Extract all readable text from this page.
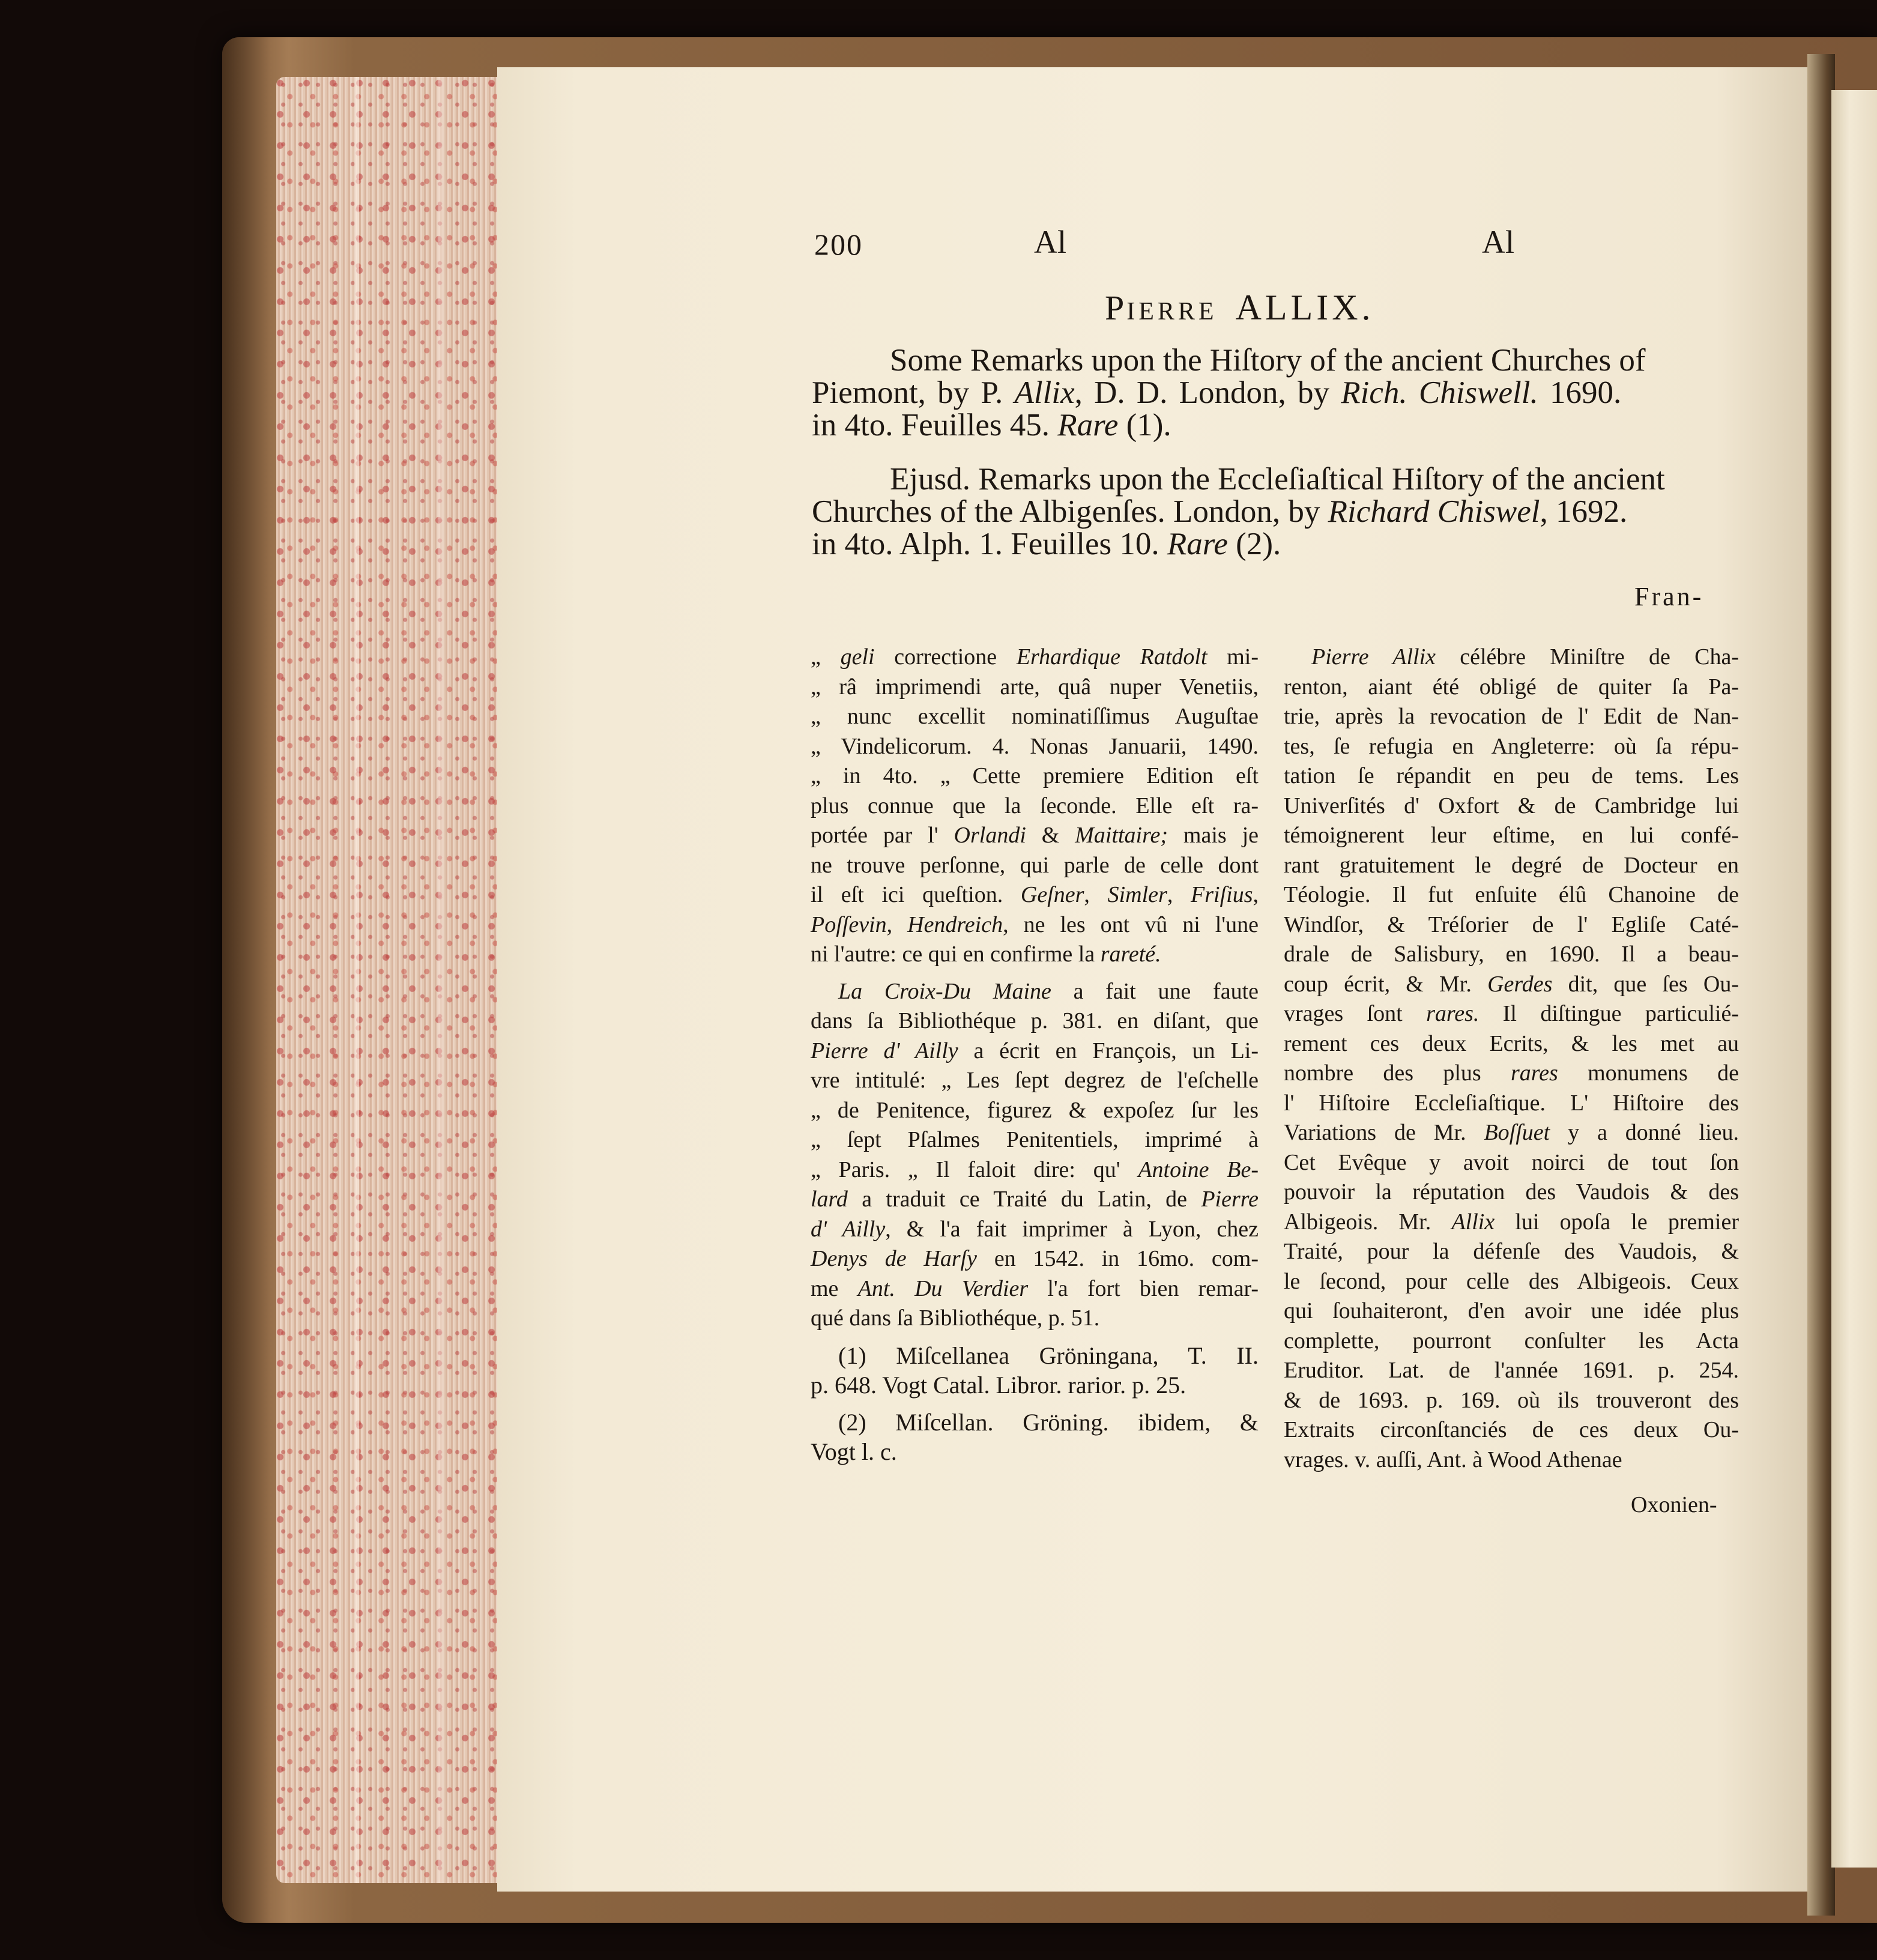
200	Al	Al
PIERRE ALLIX.
Some Remarks upon the Hiſtory of the ancient Churches of
Piemont, by P. Allix, D. D. London, by Rich. Chiswell. 1690.
in 4to. Feuilles 45. Rare (1).
Ejusd. Remarks upon the Eccleſiaſtical Hiſtory of the ancient
Churches of the Albigenſes. London, by Richard Chiswel, 1692.
in 4to. Alph. 1. Feuilles 10. Rare (2).
Fran-

„ geli correctione Erhardique Ratdolt mi-

„ râ imprimendi arte, quâ nuper Venetiis,

„ nunc excellit nominatiſſimus Auguſtae

„ Vindelicorum. 4. Nonas Januarii, 1490.

„ in 4to. „ Cette premiere Edition eſt

plus connue que la ſeconde. Elle eſt ra-

portée par l' Orlandi & Maittaire; mais je

ne trouve perſonne, qui parle de celle dont

il eſt ici queſtion. Geſner, Simler, Friſius,

Poſſevin, Hendreich, ne les ont vû ni l'une

ni l'autre: ce qui en confirme la rareté.

La Croix-Du Maine a fait une faute

dans ſa Bibliothéque p. 381. en diſant, que

Pierre d' Ailly a écrit en François, un Li-

vre intitulé: „ Les ſept degrez de l'eſchelle

„ de Penitence, figurez & expoſez ſur les

„ ſept Pſalmes Penitentiels, imprimé à

„ Paris. „ Il faloit dire: qu' Antoine Be-

lard a traduit ce Traité du Latin, de Pierre

d' Ailly, & l'a fait imprimer à Lyon, chez

Denys de Harſy en 1542. in 16mo. com-

me Ant. Du Verdier l'a fort bien remar-

qué dans ſa Bibliothéque, p. 51.

(1) Miſcellanea Gröningana, T. II.

p. 648. Vogt Catal. Libror. rarior. p. 25.

(2) Miſcellan. Gröning. ibidem, &

Vogt l. c.

Pierre Allix célébre Miniſtre de Cha-

renton, aiant été obligé de quiter ſa Pa-

trie, après la revocation de l' Edit de Nan-

tes, ſe refugia en Angleterre: où ſa répu-

tation ſe répandit en peu de tems. Les

Univerſités d' Oxfort & de Cambridge lui

témoignerent leur eſtime, en lui confé-

rant gratuitement le degré de Docteur en

Téologie. Il fut enſuite élû Chanoine de

Windſor, & Tréſorier de l' Egliſe Caté-

drale de Salisbury, en 1690. Il a beau-

coup écrit, & Mr. Gerdes dit, que ſes Ou-

vrages ſont rares. Il diſtingue particulié-

rement ces deux Ecrits, & les met au

nombre des plus rares monumens de

l' Hiſtoire Eccleſiaſtique. L' Hiſtoire des

Variations de Mr. Boſſuet y a donné lieu.

Cet Evêque y avoit noirci de tout ſon

pouvoir la réputation des Vaudois & des

Albigeois. Mr. Allix lui opoſa le premier

Traité, pour la défenſe des Vaudois, &

le ſecond, pour celle des Albigeois. Ceux

qui ſouhaiteront, d'en avoir une idée plus

complette, pourront conſulter les Acta

Eruditor. Lat. de l'année 1691. p. 254.

& de 1693. p. 169. où ils trouveront des

Extraits circonſtanciés de ces deux Ou-

vrages. v. auſſi, Ant. à Wood Athenae

Oxonien-
